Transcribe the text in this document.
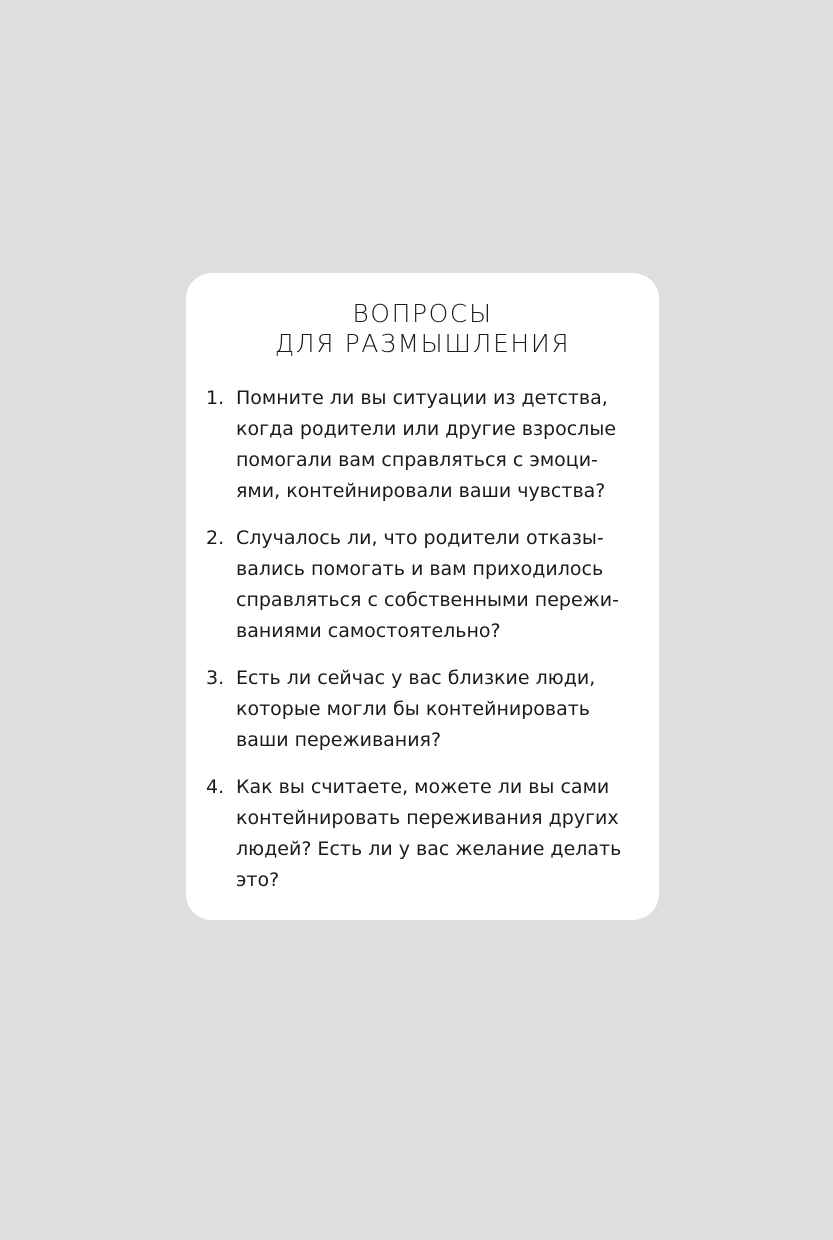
ВОПРОСЫ
ДЛЯ РАЗМЫШЛЕНИЯ
1. Помните ли вы ситуации из детства,
когда родители или другие взрослые
помогали вам справляться с эмоци-
ями, контейнировали ваши чувства?
2. Случалось ли, что родители отказы-
вались помогать и вам приходилось
справляться с собственными пережи-
ваниями самостоятельно?
3. Есть ли сейчас у вас близкие люди,
которые могли бы контейнировать
ваши переживания?
4. Как вы считаете, можете ли вы сами
контейнировать переживания других
людей? Есть ли у вас желание делать
это?
